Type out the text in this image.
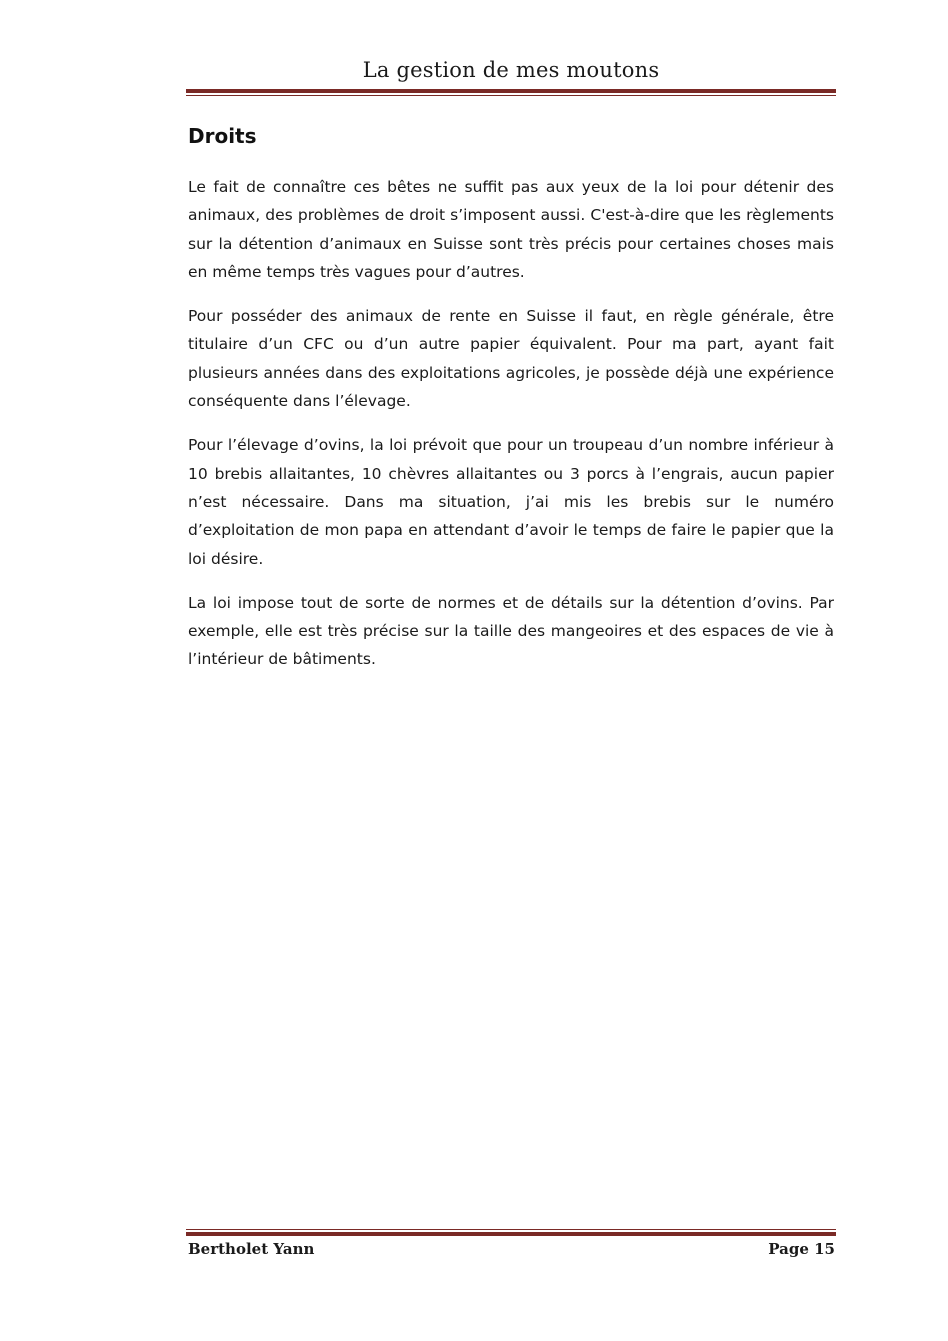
La gestion de mes moutons
Droits

Le fait de connaître ces bêtes ne suffit pas aux yeux de la loi pour détenir des animaux, des problèmes de droit s’imposent aussi. C'est-à-dire que les règlements sur la détention d’animaux en Suisse sont très précis pour certaines choses mais en même temps très vagues pour d’autres.

Pour posséder des animaux de rente en Suisse il faut, en règle générale, être titulaire d’un CFC ou d’un autre papier équivalent. Pour ma part, ayant fait plusieurs années dans des exploitations agricoles, je possède déjà une expérience conséquente dans l’élevage.

Pour l’élevage d’ovins, la loi prévoit que pour un troupeau d’un nombre inférieur à 10 brebis allaitantes, 10 chèvres allaitantes ou 3 porcs à l’engrais, aucun papier n’est nécessaire. Dans ma situation, j’ai mis les brebis sur le numéro d’exploitation de mon papa en attendant d’avoir le temps de faire le papier que la loi désire.

La loi impose tout de sorte de normes et de détails sur la détention d’ovins. Par exemple, elle est très précise sur la taille des mangeoires et des espaces de vie à l’intérieur de bâtiments.

Bertholet Yann	Page 15
